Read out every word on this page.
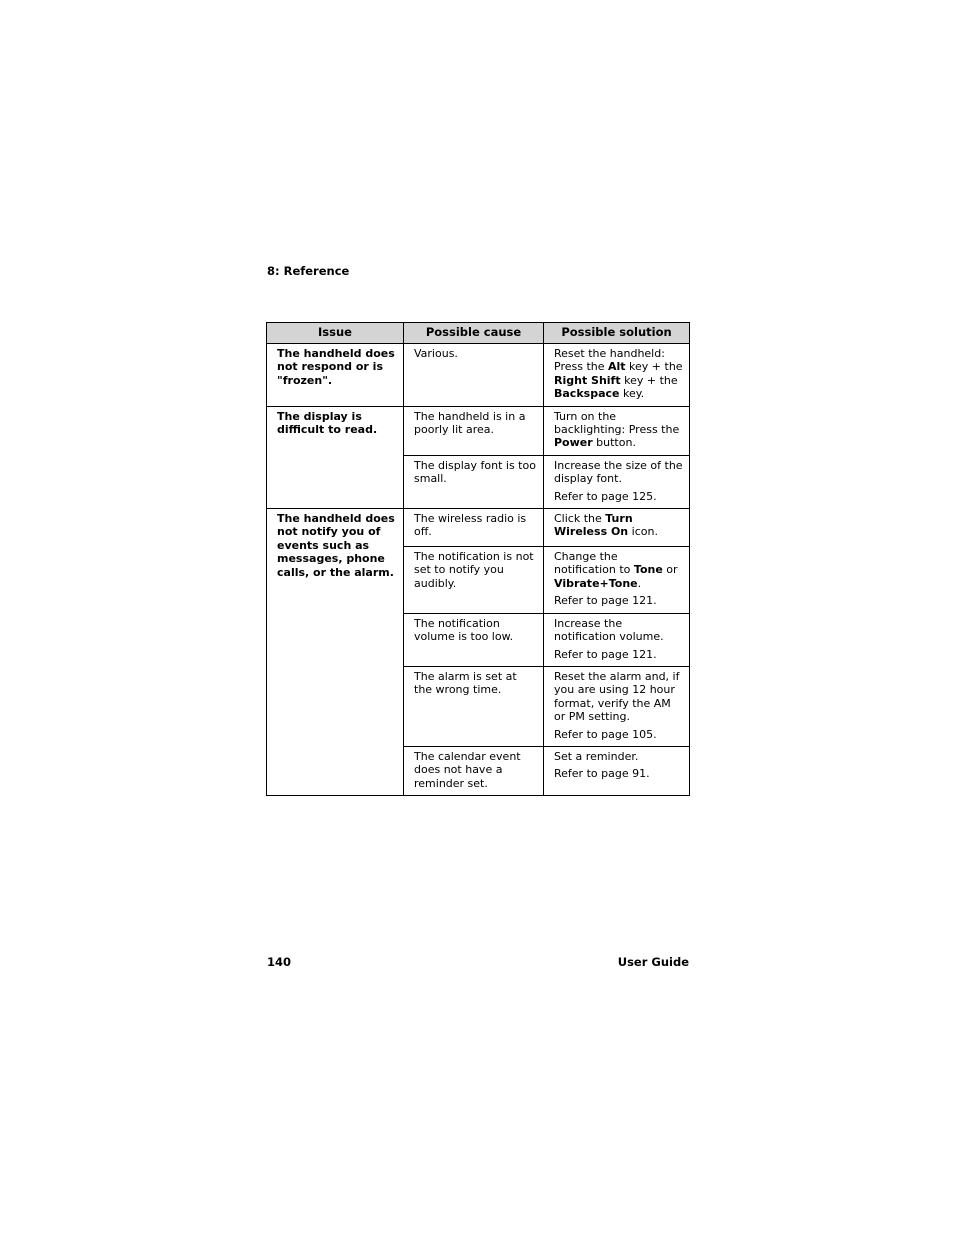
8: Reference
Issue	Possible cause	Possible solution
The handheld does not respond or is "frozen".	Various.	Reset the handheld: Press the Alt key + the Right Shift key + the Backspace key.
The display is difficult to read.	The handheld is in a poorly lit area.	Turn on the backlighting: Press the Power button.
	The display font is too small.	Increase the size of the display font.
Refer to page 125.

The handheld does not notify you of events such as messages, phone calls, or the alarm.	The wireless radio is off.	Click the Turn Wireless On icon.
	The notification is not set to notify you audibly.	Change the notification to Tone or Vibrate+Tone.
Refer to page 121.

	The notification volume is too low.	Increase the notification volume.
Refer to page 121.

	The alarm is set at the wrong time.	Reset the alarm and, if you are using 12 hour format, verify the AM or PM setting.
Refer to page 105.

	The calendar event does not have a reminder set.	Set a reminder.
Refer to page 91.
140	User Guide
